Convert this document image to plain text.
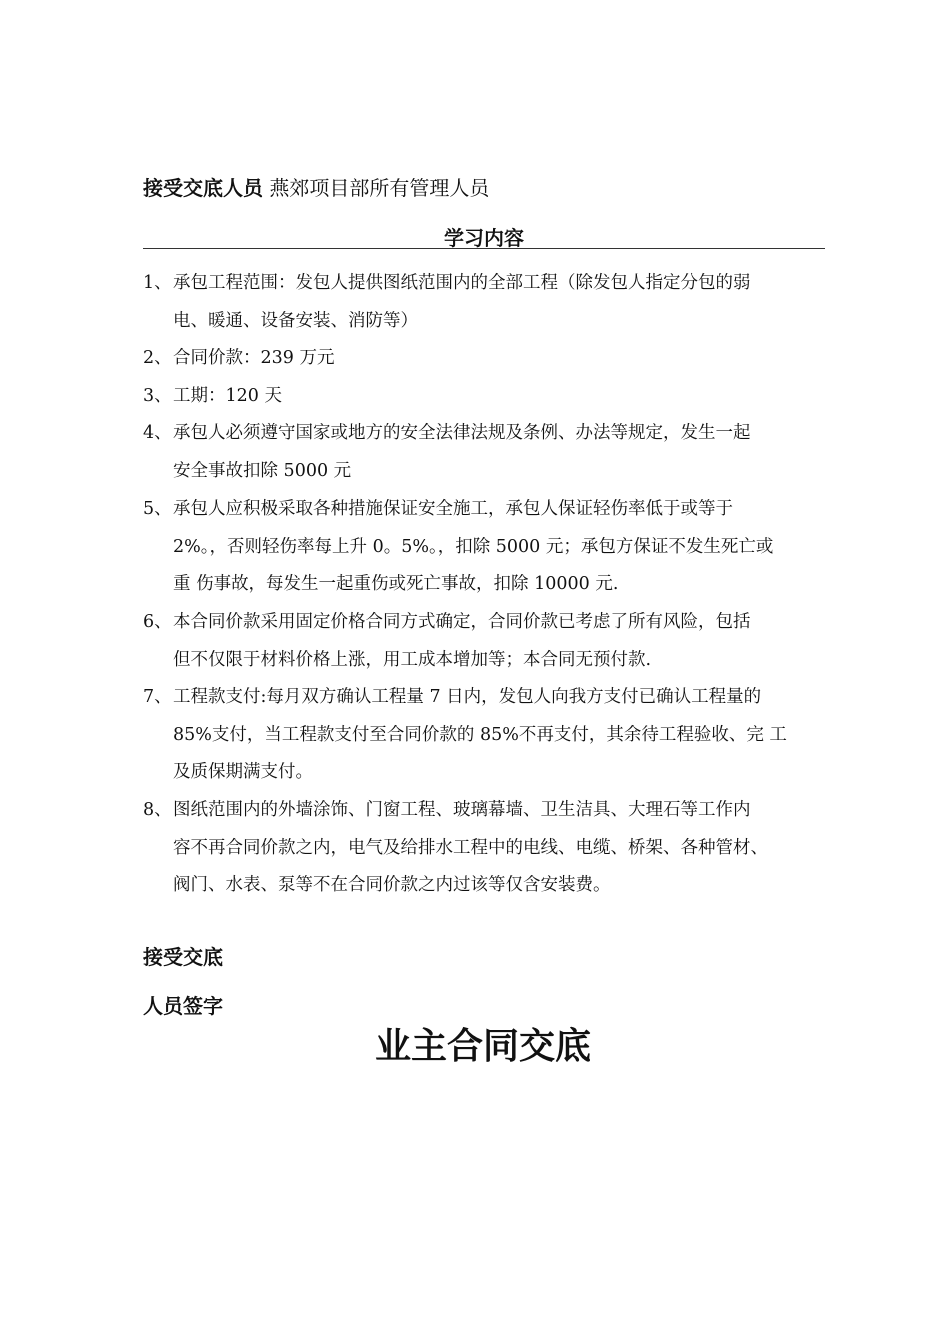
接受交底人员 燕郊项目部所有管理人员
学习内容
1、 承包工程范围：发包人提供图纸范围内的全部工程（除发包人指定分包的弱
电、暖通、设备安装、消防等）
2、 合同价款：239 万元
3、 工期：120 天
4、 承包人必须遵守国家或地方的安全法律法规及条例、办法等规定，发生一起
安全事故扣除 5000 元
5、 承包人应积极采取各种措施保证安全施工，承包人保证轻伤率低于或等于
2%。，否则轻伤率每上升 0。5%。，扣除 5000 元；承包方保证不发生死亡或
重 伤事故，每发生一起重伤或死亡事故，扣除 10000 元.
6、 本合同价款采用固定价格合同方式确定，合同价款已考虑了所有风险，包括
但不仅限于材料价格上涨，用工成本增加等；本合同无预付款.
7、 工程款支付:每月双方确认工程量 7 日内，发包人向我方支付已确认工程量的
85%支付，当工程款支付至合同价款的 85%不再支付，其余待工程验收、完 工
及质保期满支付。
8、 图纸范围内的外墙涂饰、门窗工程、玻璃幕墙、卫生洁具、大理石等工作内
容不再合同价款之内，电气及给排水工程中的电线、电缆、桥架、各种管材、
阀门、水表、泵等不在合同价款之内过该等仅含安装费。
接受交底
人员签字
业主合同交底
